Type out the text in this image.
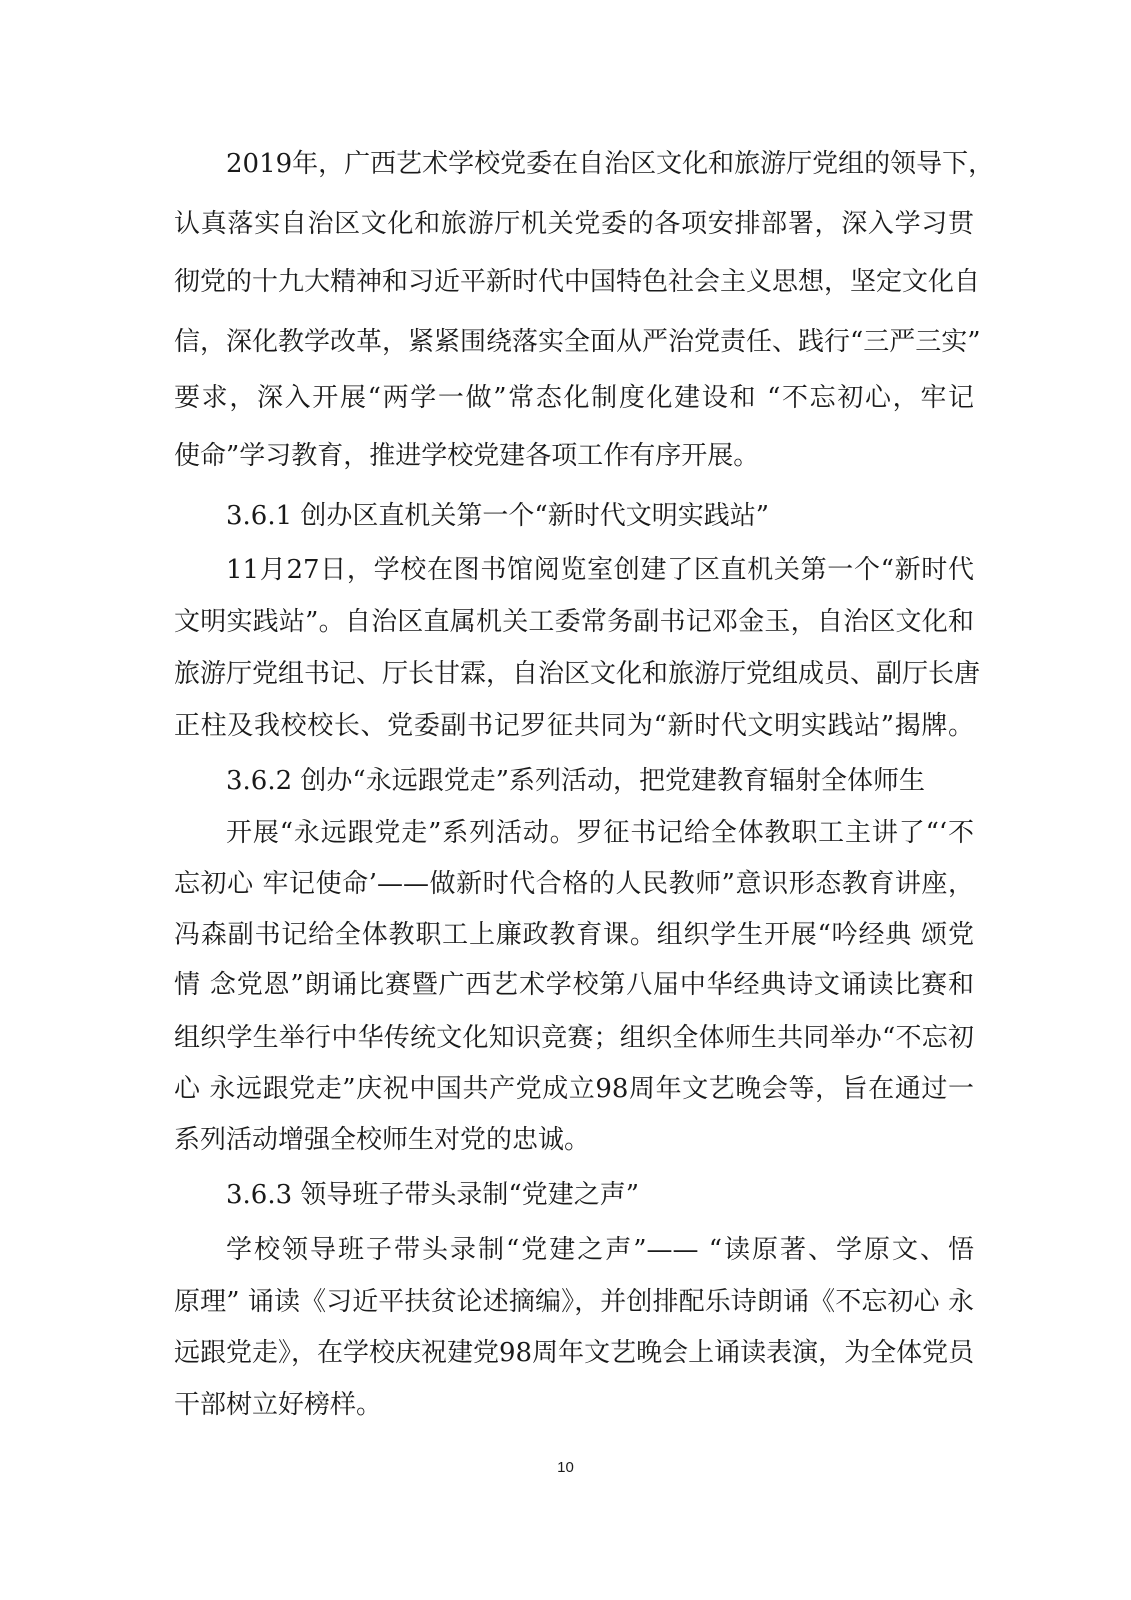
2019年，广西艺术学校党委在自治区文化和旅游厅党组的领导下，
认真落实自治区文化和旅游厅机关党委的各项安排部署，深入学习贯
彻党的十九大精神和习近平新时代中国特色社会主义思想，坚定文化自
信，深化教学改革，紧紧围绕落实全面从严治党责任、践行“三严三实”
要求，深入开展“两学一做”常态化制度化建设和 “不忘初心，牢记
使命”学习教育，推进学校党建各项工作有序开展。
3.6.1 创办区直机关第一个“新时代文明实践站”
11月27日，学校在图书馆阅览室创建了区直机关第一个“新时代
文明实践站”。自治区直属机关工委常务副书记邓金玉，自治区文化和
旅游厅党组书记、厅长甘霖，自治区文化和旅游厅党组成员、副厅长唐
正柱及我校校长、党委副书记罗征共同为“新时代文明实践站”揭牌。
3.6.2 创办“永远跟党走”系列活动，把党建教育辐射全体师生
开展“永远跟党走”系列活动。罗征书记给全体教职工主讲了“‘不
忘初心 牢记使命’——做新时代合格的人民教师”意识形态教育讲座，
冯森副书记给全体教职工上廉政教育课。组织学生开展“吟经典 颂党
情 念党恩”朗诵比赛暨广西艺术学校第八届中华经典诗文诵读比赛和
组织学生举行中华传统文化知识竞赛；组织全体师生共同举办“不忘初
心 永远跟党走”庆祝中国共产党成立98周年文艺晚会等，旨在通过一
系列活动增强全校师生对党的忠诚。
3.6.3 领导班子带头录制“党建之声”
学校领导班子带头录制“党建之声”—— “读原著、学原文、悟
原理” 诵读《习近平扶贫论述摘编》，并创排配乐诗朗诵《不忘初心 永
远跟党走》，在学校庆祝建党98周年文艺晚会上诵读表演，为全体党员
干部树立好榜样。
10
